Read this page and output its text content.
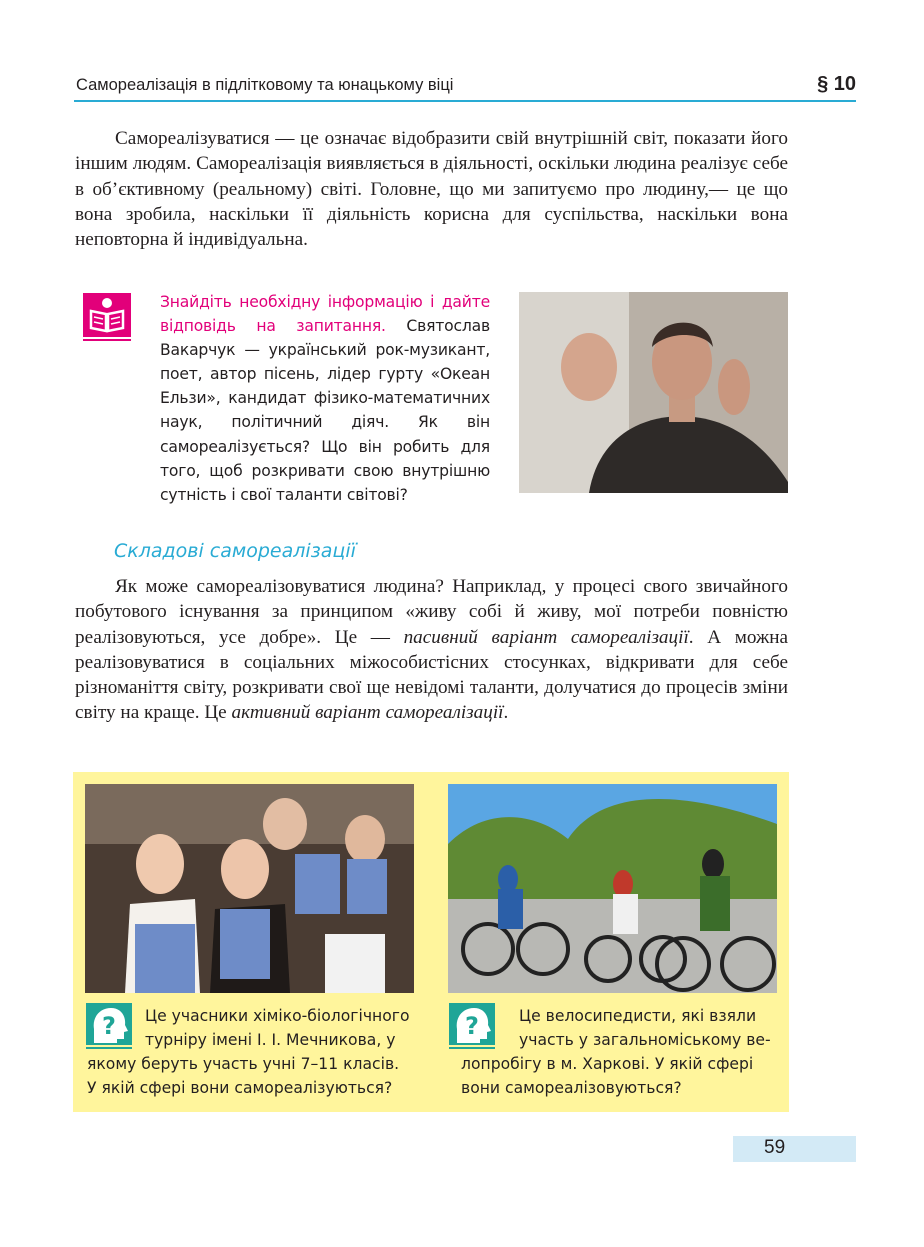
Самореалізація в підлітковому та юнацькому віці	§ 10

Самореалізуватися — це означає відобразити свій внутрішній світ, показати його іншим людям. Самореалізація виявляється в діяльності, оскільки людина реалізує себе в об’єктивному (реальному) світі. Головне, що ми запитуємо про людину,— це що вона зробила, наскільки її діяльність корисна для суспільства, наскільки вона неповторна й індивідуальна.

Знайдіть необхідну інформацію і дайте відповідь на запитання. Святослав Вакарчук — український рок-музикант, поет, автор пісень, лідер гурту «Океан Ельзи», кандидат фізико-математичних наук, політичний діяч. Як він самореалізується? Що він робить для того, щоб розкривати свою внутрішню сутність і свої таланти світові?

Складові самореалізації

Як може самореалізовуватися людина? Наприклад, у процесі свого звичайного побутового існування за принципом «живу собі й живу, мої потреби повністю реалізовуються, усе добре». Це — пасивний варіант самореалізації. А можна реалізовуватися в соціальних міжособистісних стосунках, відкривати для себе різноманіття світу, розкривати свої ще невідомі таланти, долучатися до процесів зміни світу на краще. Це активний варіант самореалізації.

?	Це учасники хіміко-біологічного
турніру імені І. І. Мечникова, у
якому беруть участь учні 7–11 класів.
У якій сфері вони самореалізуються?

?	Це велосипедисти, які взяли
участь у загальноміському ве-
лопробігу в м. Харкові. У якій сфері
вони самореалізовуються?

59
